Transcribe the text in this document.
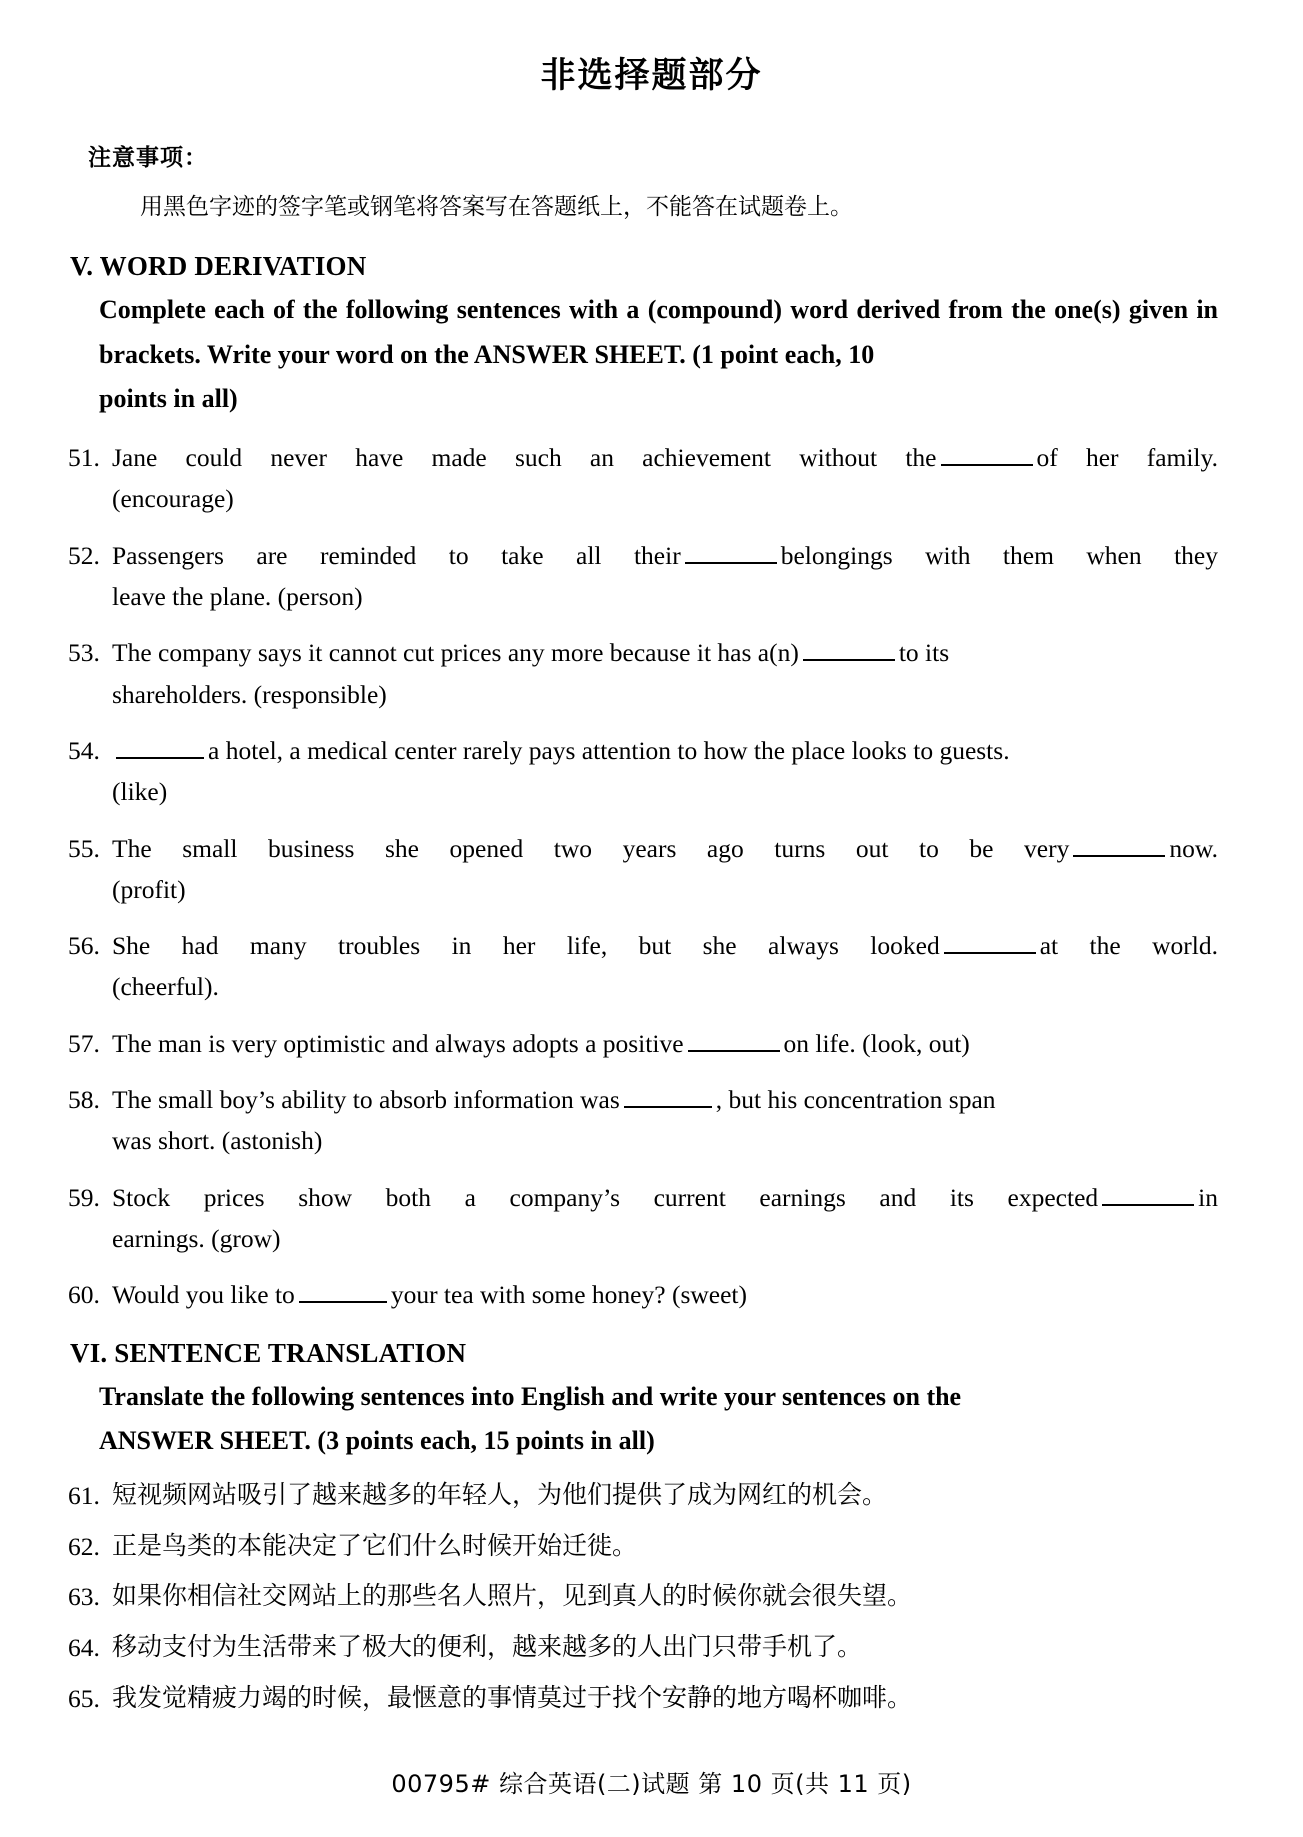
非选择题部分

注意事项：

用黑色字迹的签字笔或钢笔将答案写在答题纸上，不能答在试题卷上。

V. WORD DERIVATION
Complete each of the following sentences with a (compound) word derived from the one(s) given in brackets. Write your word on the ANSWER SHEET. (1 point each, 10
points in all)
51. Jane could never have made such an achievement without the	of her family.
(encourage)
52. Passengers are reminded to take all their	belongings with them when they
leave the plane. (person)
53. The company says it cannot cut prices any more because it has a(n)	to its
shareholders. (responsible)
54.	a hotel, a medical center rarely pays attention to how the place looks to guests.
(like)
55. The small business she opened two years ago turns out to be very	now.
(profit)
56. She had many troubles in her life, but she always looked	at the world.
(cheerful).
57. The man is very optimistic and always adopts a positive	on life. (look, out)
58. The small boy’s ability to absorb information was	, but his concentration span
was short. (astonish)
59. Stock prices show both a company’s current earnings and its expected	in
earnings. (grow)
60. Would you like to	your tea with some honey? (sweet)
VI. SENTENCE TRANSLATION
Translate the following sentences into English and write your sentences on the
ANSWER SHEET. (3 points each, 15 points in all)
61. 短视频网站吸引了越来越多的年轻人，为他们提供了成为网红的机会。
62. 正是鸟类的本能决定了它们什么时候开始迁徙。
63. 如果你相信社交网站上的那些名人照片，见到真人的时候你就会很失望。
64. 移动支付为生活带来了极大的便利，越来越多的人出门只带手机了。
65. 我发觉精疲力竭的时候，最惬意的事情莫过于找个安静的地方喝杯咖啡。
00795# 综合英语(二)试题 第 10 页(共 11 页)
